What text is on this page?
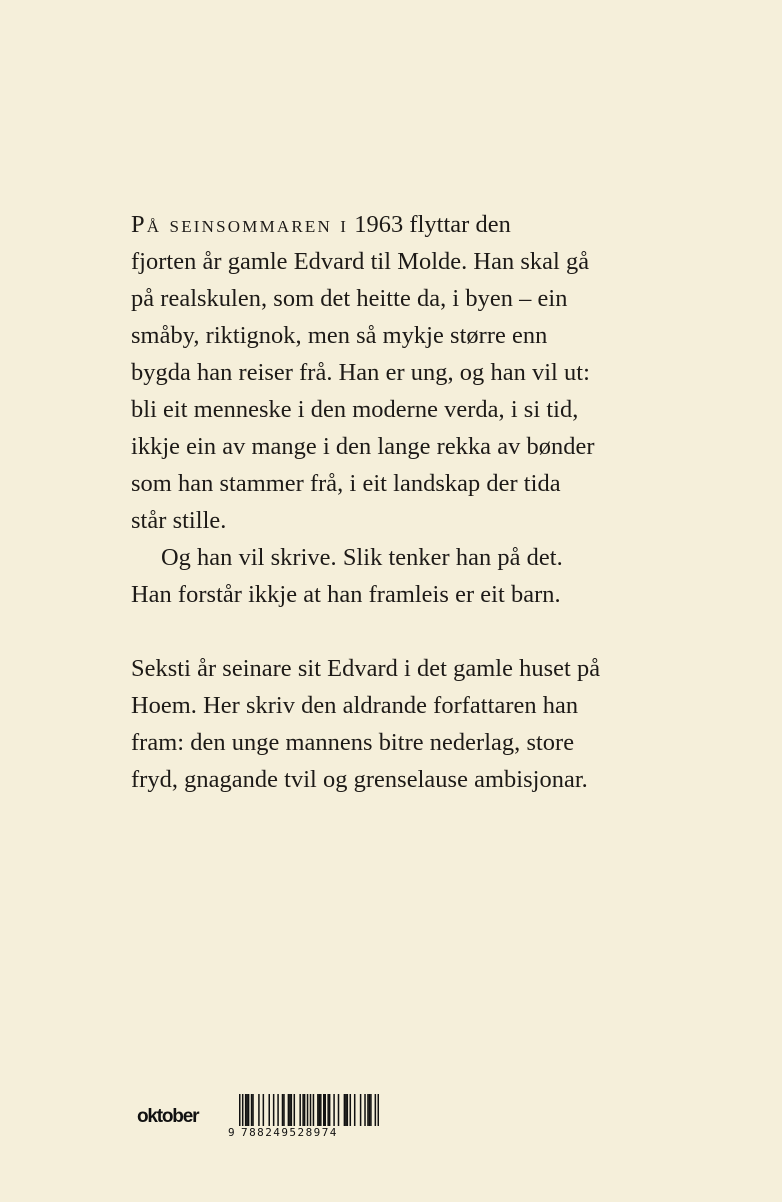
På seinsommaren i 1963 flyttar den
fjorten år gamle Edvard til Molde. Han skal gå
på realskulen, som det heitte da, i byen – ein
småby, riktignok, men så mykje større enn
bygda han reiser frå. Han er ung, og han vil ut:
bli eit menneske i den moderne verda, i si tid,
ikkje ein av mange i den lange rekka av bønder
som han stammer frå, i eit landskap der tida
står stille.
Og han vil skrive. Slik tenker han på det.
Han forstår ikkje at han framleis er eit barn.
Seksti år seinare sit Edvard i det gamle huset på
Hoem. Her skriv den aldrande forfattaren han
fram: den unge mannens bitre nederlag, store
fryd, gnagande tvil og grenselause ambisjonar.
oktober
9 788249528974
